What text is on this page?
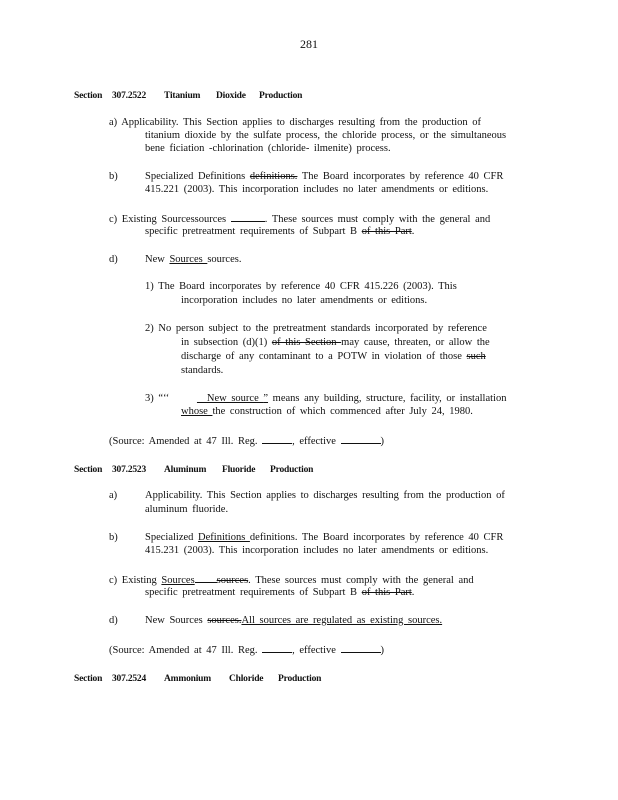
281
Section 307.2522 Titanium Dioxide Production
a) Applicability. This Section applies to discharges resulting from the production of
titanium dioxide by the sulfate process, the chloride process, or the simultaneous
bene ficiation -chlorination (chloride- ilmenite) process.
b)	Specialized Definitions definitions. The Board incorporates by reference 40 CFR
415.221 (2003). This incorporation includes no later amendments or editions.
c) Existing Sourcessources	. These sources must comply with the general and
specific pretreatment requirements of Subpart B of this Part.
d)	New Sources sources.
1) The Board incorporates by reference 40 CFR 415.226 (2003). This
incorporation includes no later amendments or editions.
2) No person subject to the pretreatment standards incorporated by reference
in subsection (d)(1) of this Section may cause, threaten, or allow the
discharge of any contaminant to a POTW in violation of those such
standards.
3) “‘‘	_ New source ” means any building, structure, facility, or installation
whose the construction of which commenced after July 24, 1980.
(Source: Amended at 47 Ill. Reg.	, effective	)
Section 307.2523 Aluminum Fluoride Production
a)	Applicability. This Section applies to discharges resulting from the production of
aluminum fluoride.
b)	Specialized Definitions definitions. The Board incorporates by reference 40 CFR
415.231 (2003). This incorporation includes no later amendments or editions.
c) Existing Sources sources. These sources must comply with the general and
specific pretreatment requirements of Subpart B of this Part.
d)	New Sources sources.All sources are regulated as existing sources.
(Source: Amended at 47 Ill. Reg.	, effective	)
Section 307.2524 Ammonium Chloride Production
